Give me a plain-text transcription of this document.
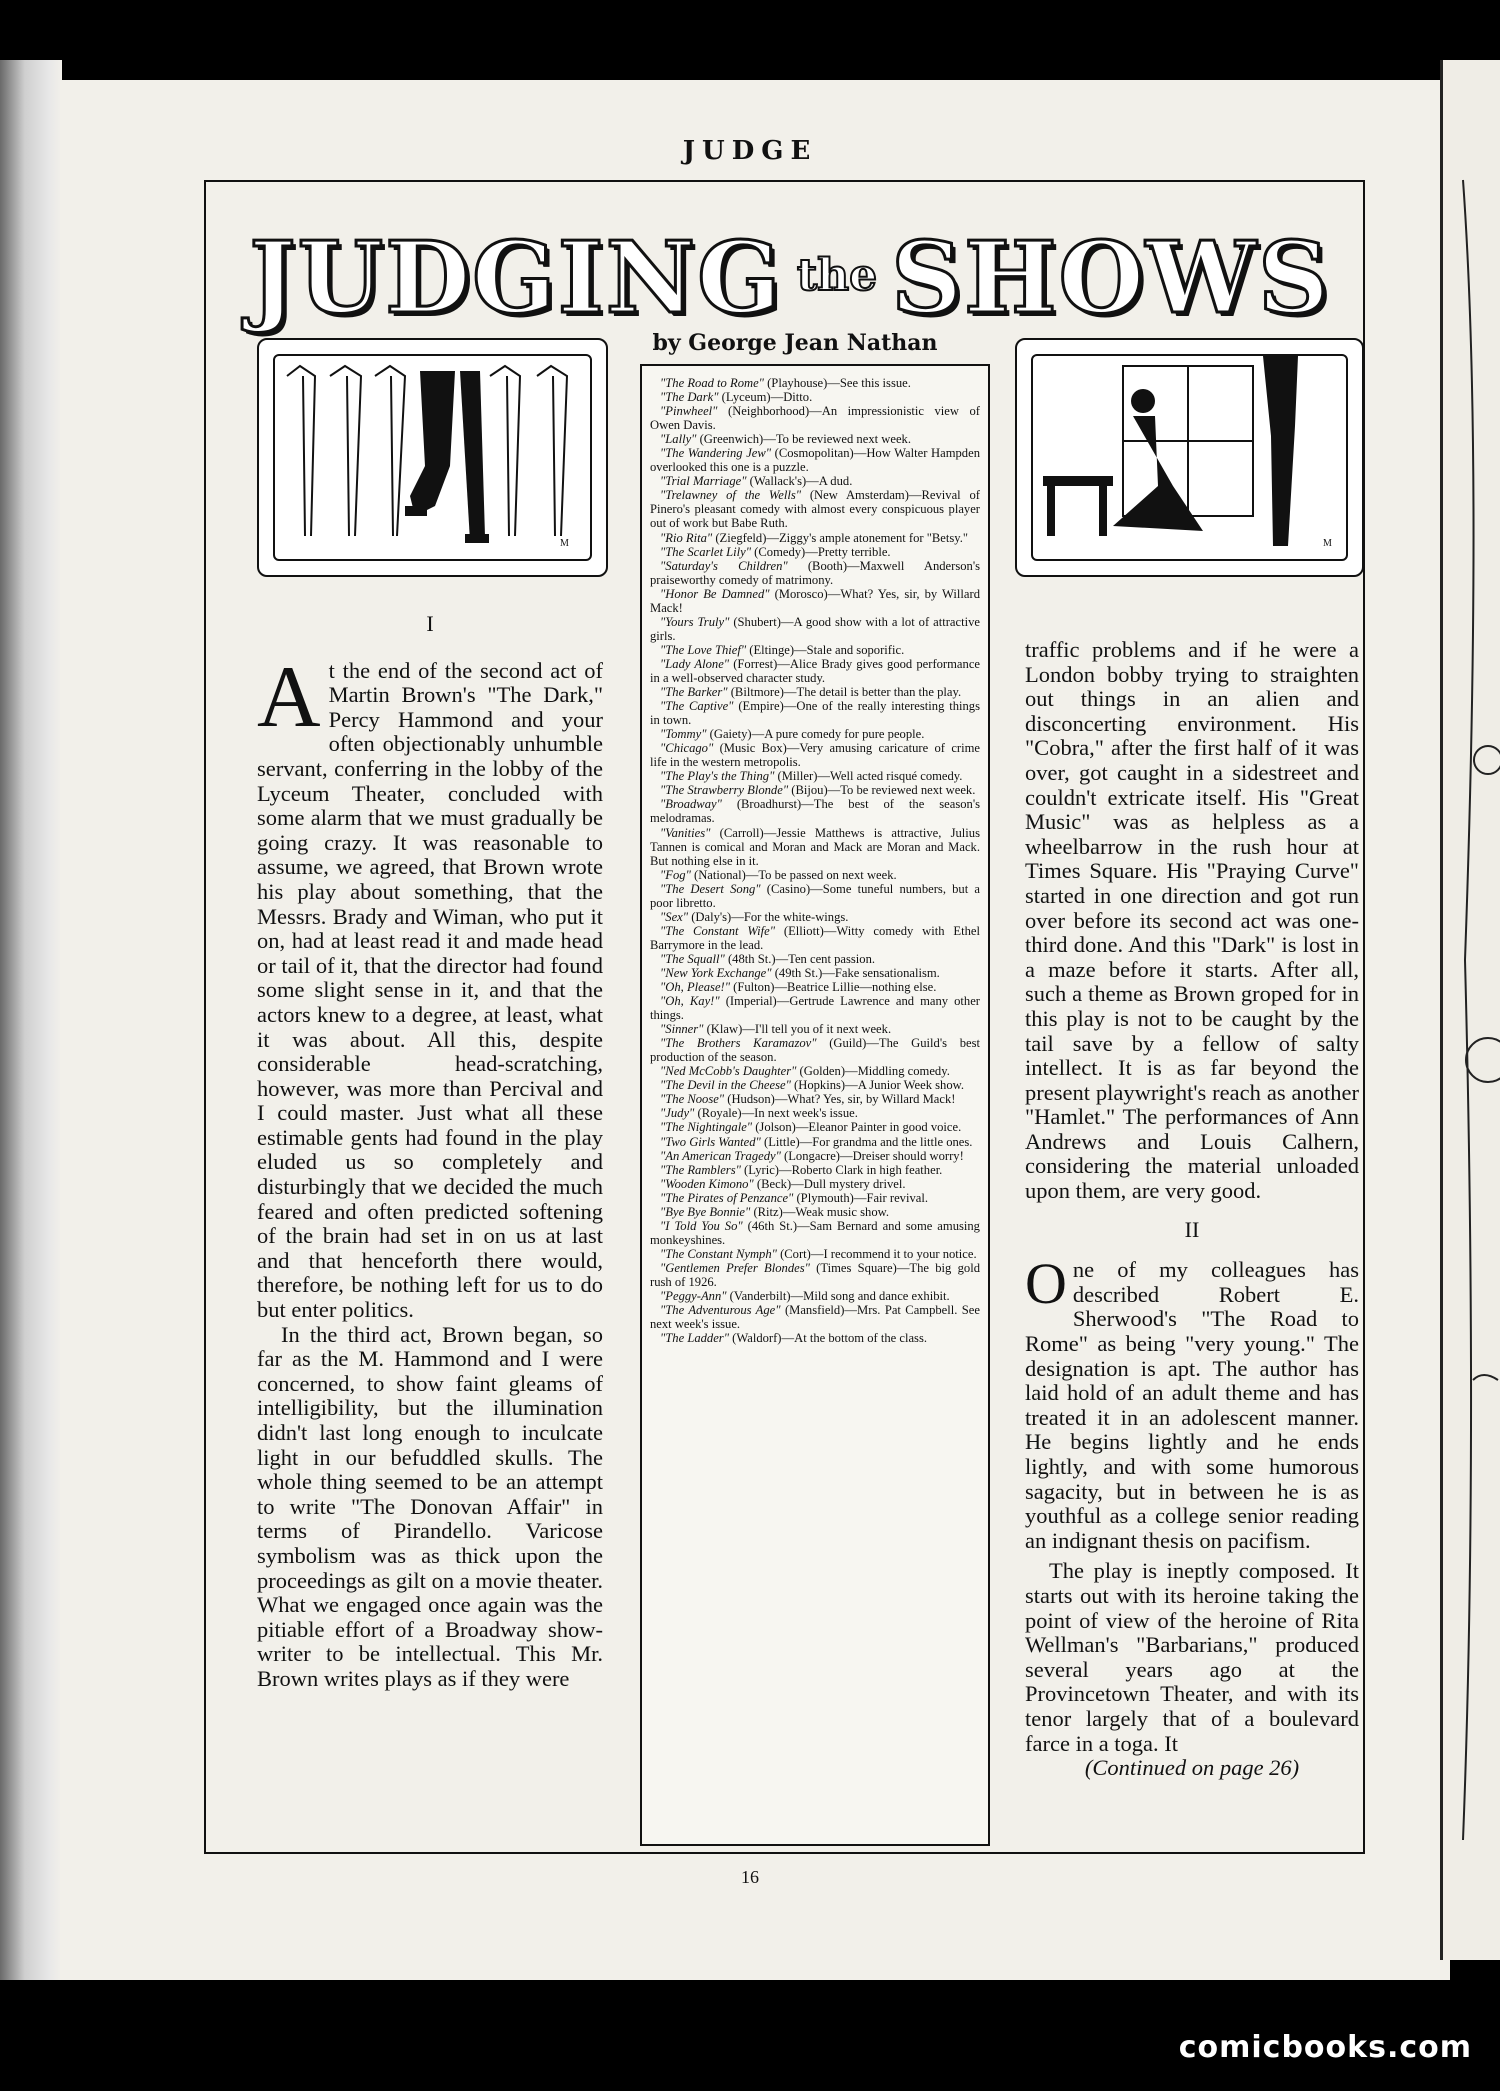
JUDGE
JUDGING the SHOWS
by George Jean Nathan
M	M
I

A t the end of the second act of Martin Brown's "The Dark," Percy Hammond and your often objectionably unhumble servant, conferring in the lobby of the Lyceum Theater, concluded with some alarm that we must gradually be going crazy. It was reasonable to assume, we agreed, that Brown wrote his play about something, that the Messrs. Brady and Wiman, who put it on, had at least read it and made head or tail of it, that the director had found some slight sense in it, and that the actors knew to a degree, at least, what it was about. All this, despite considerable head-scratching, however, was more than Percival and I could master. Just what all these estimable gents had found in the play eluded us so completely and disturbingly that we decided the much feared and often predicted softening of the brain had set in on us at last and that henceforth there would, therefore, be nothing left for us to do but enter politics.

In the third act, Brown began, so far as the M. Hammond and I were concerned, to show faint gleams of intelligibility, but the illumination didn't last long enough to inculcate light in our befuddled skulls. The whole thing seemed to be an attempt to write "The Donovan Affair" in terms of Pirandello. Varicose symbolism was as thick upon the proceedings as gilt on a movie theater. What we engaged once again was the pitiable effort of a Broadway show-writer to be intellectual. This Mr. Brown writes plays as if they were

"The Road to Rome" (Playhouse)—See this issue.
"The Dark" (Lyceum)—Ditto.
"Pinwheel" (Neighborhood)—An impressionistic view of Owen Davis.
"Lally" (Greenwich)—To be reviewed next week.
"The Wandering Jew" (Cosmopolitan)—How Walter Hampden overlooked this one is a puzzle.
"Trial Marriage" (Wallack's)—A dud.
"Trelawney of the Wells" (New Amsterdam)—Revival of Pinero's pleasant comedy with almost every conspicuous player out of work but Babe Ruth.
"Rio Rita" (Ziegfeld)—Ziggy's ample atonement for "Betsy."
"The Scarlet Lily" (Comedy)—Pretty terrible.
"Saturday's Children" (Booth)—Maxwell Anderson's praiseworthy comedy of matrimony.
"Honor Be Damned" (Morosco)—What? Yes, sir, by Willard Mack!
"Yours Truly" (Shubert)—A good show with a lot of attractive girls.
"The Love Thief" (Eltinge)—Stale and soporific.
"Lady Alone" (Forrest)—Alice Brady gives good performance in a well-observed character study.
"The Barker" (Biltmore)—The detail is better than the play.
"The Captive" (Empire)—One of the really interesting things in town.
"Tommy" (Gaiety)—A pure comedy for pure people.
"Chicago" (Music Box)—Very amusing caricature of crime life in the western metropolis.
"The Play's the Thing" (Miller)—Well acted risqué comedy.
"The Strawberry Blonde" (Bijou)—To be reviewed next week.
"Broadway" (Broadhurst)—The best of the season's melodramas.
"Vanities" (Carroll)—Jessie Matthews is attractive, Julius Tannen is comical and Moran and Mack are Moran and Mack. But nothing else in it.
"Fog" (National)—To be passed on next week.
"The Desert Song" (Casino)—Some tuneful numbers, but a poor libretto.
"Sex" (Daly's)—For the white-wings.
"The Constant Wife" (Elliott)—Witty comedy with Ethel Barrymore in the lead.
"The Squall" (48th St.)—Ten cent passion.
"New York Exchange" (49th St.)—Fake sensationalism.
"Oh, Please!" (Fulton)—Beatrice Lillie—nothing else.
"Oh, Kay!" (Imperial)—Gertrude Lawrence and many other things.
"Sinner" (Klaw)—I'll tell you of it next week.
"The Brothers Karamazov" (Guild)—The Guild's best production of the season.
"Ned McCobb's Daughter" (Golden)—Middling comedy.
"The Devil in the Cheese" (Hopkins)—A Junior Week show.
"The Noose" (Hudson)—What? Yes, sir, by Willard Mack!
"Judy" (Royale)—In next week's issue.
"The Nightingale" (Jolson)—Eleanor Painter in good voice.
"Two Girls Wanted" (Little)—For grandma and the little ones.
"An American Tragedy" (Longacre)—Dreiser should worry!
"The Ramblers" (Lyric)—Roberto Clark in high feather.
"Wooden Kimono" (Beck)—Dull mystery drivel.
"The Pirates of Penzance" (Plymouth)—Fair revival.
"Bye Bye Bonnie" (Ritz)—Weak music show.
"I Told You So" (46th St.)—Sam Bernard and some amusing monkeyshines.
"The Constant Nymph" (Cort)—I recommend it to your notice.
"Gentlemen Prefer Blondes" (Times Square)—The big gold rush of 1926.
"Peggy-Ann" (Vanderbilt)—Mild song and dance exhibit.
"The Adventurous Age" (Mansfield)—Mrs. Pat Campbell. See next week's issue.
"The Ladder" (Waldorf)—At the bottom of the class.

traffic problems and if he were a London bobby trying to straighten out things in an alien and disconcerting environment. His "Cobra," after the first half of it was over, got caught in a sidestreet and couldn't extricate itself. His "Great Music" was as helpless as a wheelbarrow in the rush hour at Times Square. His "Praying Curve" started in one direction and got run over before its second act was one-third done. And this "Dark" is lost in a maze before it starts. After all, such a theme as Brown groped for in this play is not to be caught by the tail save by a fellow of salty intellect. It is as far beyond the present playwright's reach as another "Hamlet." The performances of Ann Andrews and Louis Calhern, considering the material unloaded upon them, are very good.

II

O ne of my colleagues has described Robert E. Sherwood's "The Road to Rome" as being "very young." The designation is apt. The author has laid hold of an adult theme and has treated it in an adolescent manner. He begins lightly and he ends lightly, and with some humorous sagacity, but in between he is as youthful as a college senior reading an indignant thesis on pacifism.

The play is ineptly composed. It starts out with its heroine taking the point of view of the heroine of Rita Wellman's "Barbarians," produced several years ago at the Provincetown Theater, and with its tenor largely that of a boulevard farce in a toga. It

(Continued on page 26)

16
comicbooks.com
